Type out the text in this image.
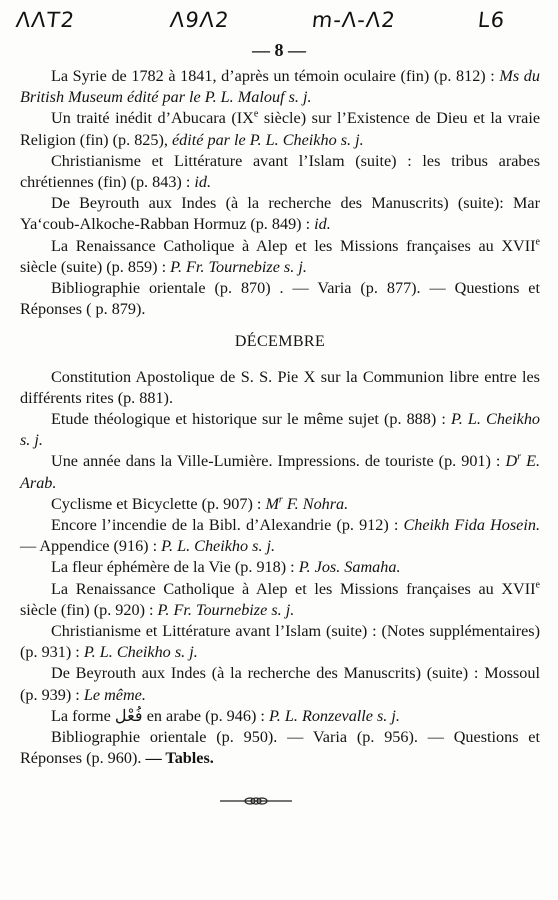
ΛΛΤ2	Λ9Λ2	m-Λ-Λ2	L6
— 8 —

La Syrie de 1782 à 1841, d’après un témoin oculaire (fin) (p. 812) : Ms du British Museum édité par le P. L. Malouf s. j.

Un traité inédit d’Abucara (IXe siècle) sur l’Existence de Dieu et la vraie Religion (fin) (p. 825), édité par le P. L. Cheikho s. j.

Christianisme et Littérature avant l’Islam (suite) : les tribus arabes chrétiennes (fin) (p. 843) : id.

De Beyrouth aux Indes (à la recherche des Manuscrits) (suite): Mar Ya‘coub-Alkoche-Rabban Hormuz (p. 849) : id.

La Renaissance Catholique à Alep et les Missions françaises au XVIIe siècle (suite) (p. 859) : P. Fr. Tournebize s. j.

Bibliographie orientale (p. 870) . — Varia (p. 877). — Questions et Réponses ( p. 879).

DÉCEMBRE

Constitution Apostolique de S. S. Pie X sur la Communion libre entre les différents rites (p. 881).

Etude théologique et historique sur le même sujet (p. 888) : P. L. Cheikho s. j.

Une année dans la Ville-Lumière. Impressions. de touriste (p. 901) : $D^r$ E. Arab.

Cyclisme et Bicyclette (p. 907) : $M^r$ F. Nohra.

Encore l’incendie de la Bibl. d’Alexandrie (p. 912) : Cheikh Fida Hosein. — Appendice (916) : P. L. Cheikho s. j.

La fleur éphémère de la Vie (p. 918) : P. Jos. Samaha.

La Renaissance Catholique à Alep et les Missions françaises au XVIIe siècle (fin) (p. 920) : P. Fr. Tournebize s. j.

Christianisme et Littérature avant l’Islam (suite) : (Notes supplémentaires) (p. 931) : P. L. Cheikho s. j.

De Beyrouth aux Indes (à la recherche des Manuscrits) (suite) : Mossoul (p. 939) : Le même.

La forme فُعْل en arabe (p. 946) : P. L. Ronzevalle s. j.

Bibliographie orientale (p. 950). — Varia (p. 956). — Questions et Réponses (p. 960). — Tables.
